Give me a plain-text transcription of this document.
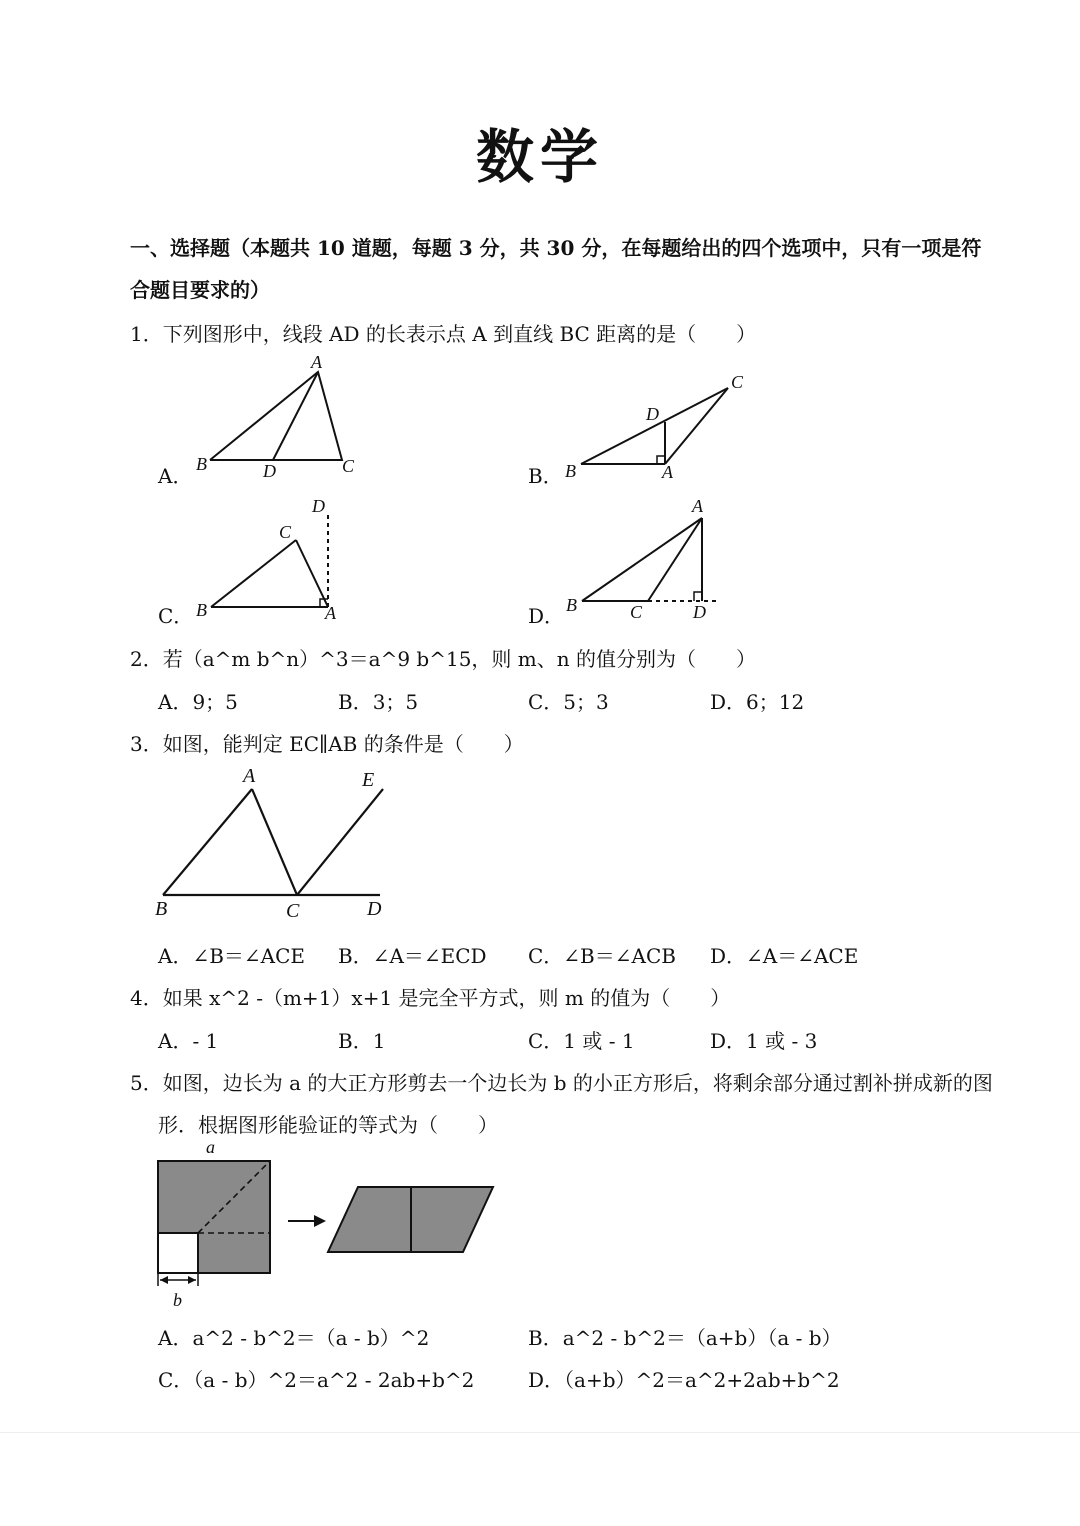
数学
一、选择题（本题共 10 道题，每题 3 分，共 30 分，在每题给出的四个选项中，只有一项是符
合题目要求的）
1．下列图形中，线段 AD 的长表示点 A 到直线 BC 距离的是（　　）
A．	B．
C．	D．
A
B	D	C
C
D
B	A
D
C
B	A
A
B	C	D
2．若（a^m b^n）^3＝a^9 b^15，则 m、n 的值分别为（　　）
A．9；5	B．3；5	C．5；3	D．6；12
3．如图，能判定 EC∥AB 的条件是（　　）
A	E
B	C	D
A．∠B＝∠ACE B．∠A＝∠ECD C．∠B＝∠ACB D．∠A＝∠ACE
4．如果 x^2 -（m+1）x+1 是完全平方式，则 m 的值为（　　）
A．- 1	B．1	C．1 或 - 1	D．1 或 - 3
5．如图，边长为 a 的大正方形剪去一个边长为 b 的小正方形后，将剩余部分通过割补拼成新的图
形．根据图形能验证的等式为（　　）
a
b
A．a^2 - b^2＝（a - b）^2	B．a^2 - b^2＝（a+b）（a - b）
C．（a - b）^2＝a^2 - 2ab+b^2	D．（a+b）^2＝a^2+2ab+b^2
